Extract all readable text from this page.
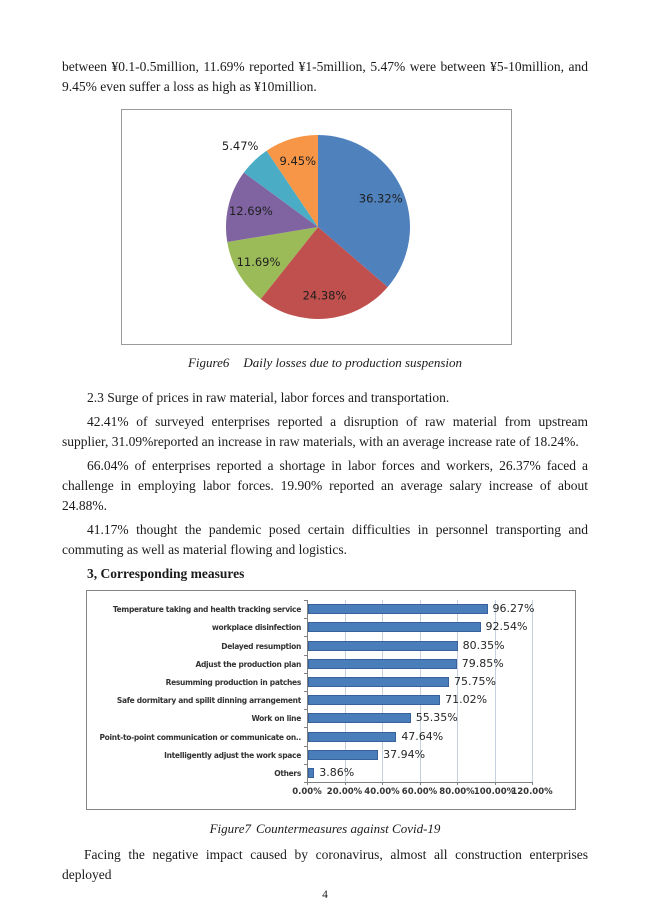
between ¥0.1-0.5million, 11.69% reported ¥1-5million, 5.47% were between ¥5-10million, and 9.45% even suffer a loss as high as ¥10million.

36.32%
24.38%
11.69%
12.69%
5.47%
9.45%
Figure6 Daily losses due to production suspension

2.3 Surge of prices in raw material, labor forces and transportation.

42.41% of surveyed enterprises reported a disruption of raw material from upstream supplier, 31.09%reported an increase in raw materials, with an average increase rate of 18.24%.

66.04% of enterprises reported a shortage in labor forces and workers, 26.37% faced a challenge in employing labor forces. 19.90% reported an average salary increase of about 24.88%.

41.17% thought the pandemic posed certain difficulties in personnel transporting and commuting as well as material flowing and logistics.

3, Corresponding measures

0.00% 20.00% 40.00% 60.00% 80.00% 100.00%
120.00%
Temperature taking and health tracking service	96.27%
workplace disinfection	92.54%
Delayed resumption	80.35%
Adjust the production plan	79.85%
Resumming production in patches	75.75%
Safe dormitary and spilit dinning arrangement	71.02%
Work on line	55.35%
Point-to-point communication or communicate on..	47.64%
Intelligently adjust the work space	37.94%
Others 3.86%
Figure7 Countermeasures against Covid-19

Facing the negative impact caused by coronavirus, almost all construction enterprises deployed

4
